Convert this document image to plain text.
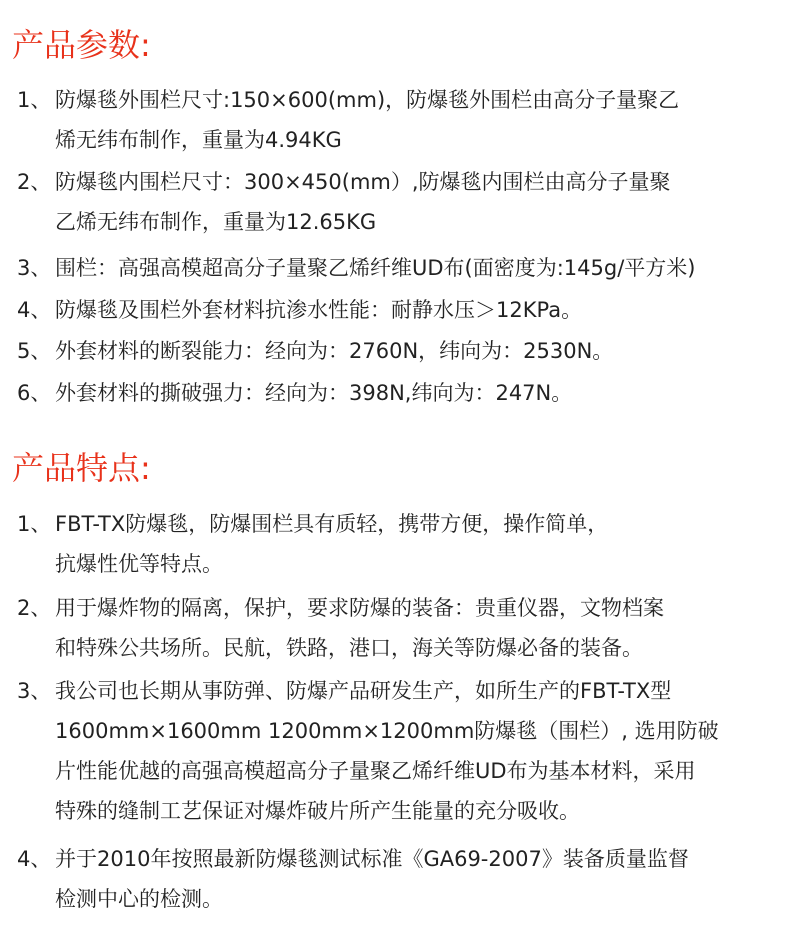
产品参数:
1、 防爆毯外围栏尺寸:150×600(mm)，防爆毯外围栏由高分子量聚乙
烯无纬布制作，重量为4.94KG
2、 防爆毯内围栏尺寸：300×450(mm）,防爆毯内围栏由高分子量聚
乙烯无纬布制作，重量为12.65KG
3、 围栏：高强高模超高分子量聚乙烯纤维UD布(面密度为:145g/平方米)
4、 防爆毯及围栏外套材料抗渗水性能：耐静水压＞12KPa。
5、 外套材料的断裂能力：经向为：2760N，纬向为：2530N。
6、 外套材料的撕破强力：经向为：398N,纬向为：247N。
产品特点:
1、 FBT-TX防爆毯，防爆围栏具有质轻，携带方便，操作简单，
抗爆性优等特点。
2、 用于爆炸物的隔离，保护，要求防爆的装备：贵重仪器，文物档案
和特殊公共场所。民航，铁路，港口，海关等防爆必备的装备。
3、 我公司也长期从事防弹、防爆产品研发生产，如所生产的FBT-TX型
1600mm×1600mm 1200mm×1200mm防爆毯（围栏）, 选用防破
片性能优越的高强高模超高分子量聚乙烯纤维UD布为基本材料，采用
特殊的缝制工艺保证对爆炸破片所产生能量的充分吸收。
4、 并于2010年按照最新防爆毯测试标准《GA69-2007》装备质量监督
检测中心的检测。
